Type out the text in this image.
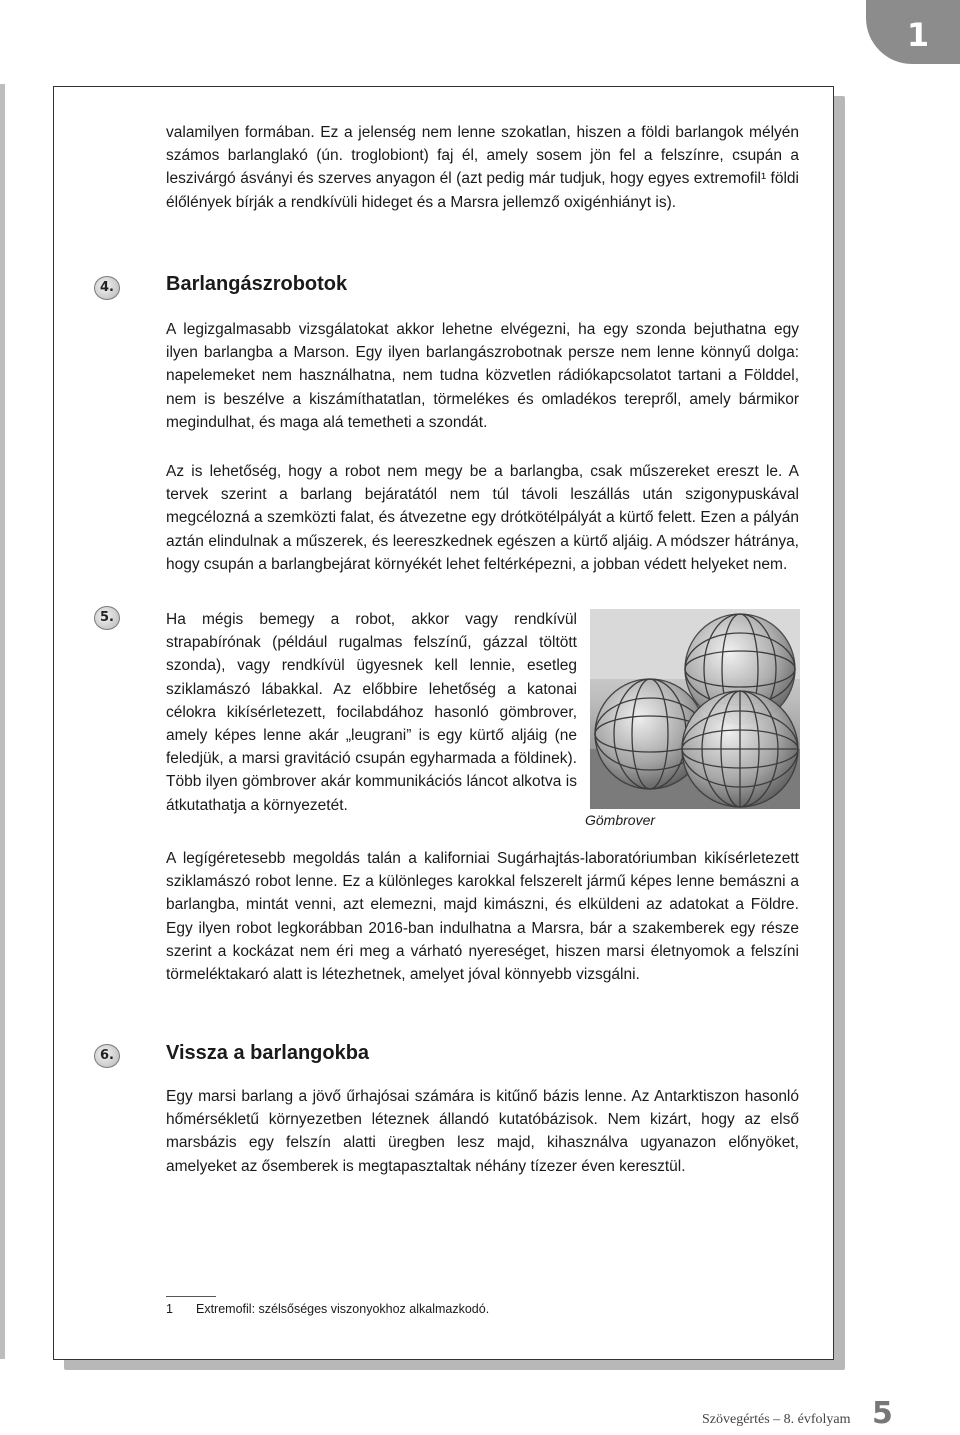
1

valamilyen formában. Ez a jelenség nem lenne szokatlan, hiszen a földi barlangok mélyén számos barlanglakó (ún. troglobiont) faj él, amely sosem jön fel a felszínre, csupán a leszivárgó ásványi és szerves anyagon él (azt pedig már tudjuk, hogy egyes extremofil¹ földi élőlények bírják a rendkívüli hideget és a Marsra jellemző oxigénhiányt is).

4.	Barlangászrobotok

A legizgalmasabb vizsgálatokat akkor lehetne elvégezni, ha egy szonda bejuthatna egy ilyen barlangba a Marson. Egy ilyen barlangászrobotnak persze nem lenne könnyű dolga: napelemeket nem használhatna, nem tudna közvetlen rádiókapcsolatot tartani a Földdel, nem is beszélve a kiszámíthatatlan, törmelékes és omladékos terepről, amely bármikor megindulhat, és maga alá temetheti a szondát.

Az is lehetőség, hogy a robot nem megy be a barlangba, csak műszereket ereszt le. A tervek szerint a barlang bejáratától nem túl távoli leszállás után szigonypuskával megcélozná a szemközti falat, és átvezetne egy drótkötélpályát a kürtő felett. Ezen a pályán aztán elindulnak a műszerek, és leereszkednek egészen a kürtő aljáig. A módszer hátránya, hogy csupán a barlangbejárat környékét lehet feltérképezni, a jobban védett helyeket nem.

5.	Ha mégis bemegy a robot, akkor vagy rendkívül strapabírónak (például rugalmas felszínű, gázzal töltött szonda), vagy rendkívül ügyesnek kell lennie, esetleg sziklamászó lábakkal. Az előbbire lehetőség a katonai célokra kikísérletezett, focilabdához hasonló gömbrover, amely képes lenne akár „leugrani” is egy kürtő aljáig (ne feledjük, a marsi gravitáció csupán egyharmada a földinek). Több ilyen gömbrover akár kommunikációs láncot alkotva is átkutathatja a környezetét.

Gömbrover

A legígéretesebb megoldás talán a kaliforniai Sugárhajtás-laboratóriumban kikísérletezett sziklamászó robot lenne. Ez a különleges karokkal felszerelt jármű képes lenne bemászni a barlangba, mintát venni, azt elemezni, majd kimászni, és elküldeni az adatokat a Földre. Egy ilyen robot legkorábban 2016-ban indulhatna a Marsra, bár a szakemberek egy része szerint a kockázat nem éri meg a várható nyereséget, hiszen marsi életnyomok a felszíni törmeléktakaró alatt is létezhetnek, amelyet jóval könnyebb vizsgálni.

6.	Vissza a barlangokba

Egy marsi barlang a jövő űrhajósai számára is kitűnő bázis lenne. Az Antarktiszon hasonló hőmérsékletű környezetben léteznek állandó kutatóbázisok. Nem kizárt, hogy az első marsbázis egy felszín alatti üregben lesz majd, kihasználva ugyanazon előnyöket, amelyeket az ősemberek is megtapasztaltak néhány tízezer éven keresztül.

1 Extremofil: szélsőséges viszonyokhoz alkalmazkodó.
Szövegértés – 8. évfolyam 5
